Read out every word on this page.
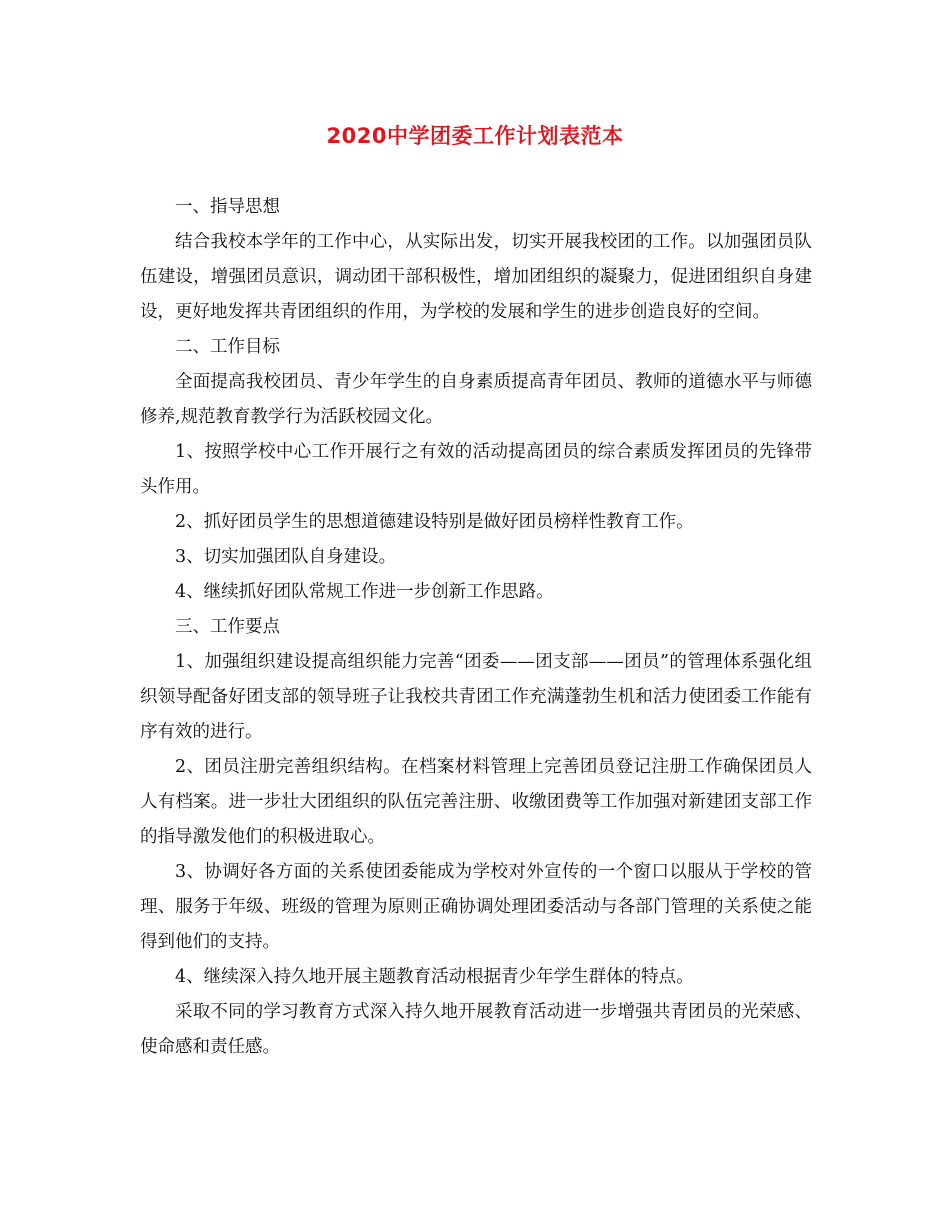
2020中学团委工作计划表范本

一、指导思想

结合我校本学年的工作中心，从实际出发，切实开展我校团的工作。以加强团员队伍建设，增强团员意识，调动团干部积极性，增加团组织的凝聚力，促进团组织自身建设，更好地发挥共青团组织的作用，为学校的发展和学生的进步创造良好的空间。

二、工作目标

全面提高我校团员、青少年学生的自身素质提高青年团员、教师的道德水平与师德修养,规范教育教学行为活跃校园文化。

1、按照学校中心工作开展行之有效的活动提高团员的综合素质发挥团员的先锋带头作用。

2、抓好团员学生的思想道德建设特别是做好团员榜样性教育工作。

3、切实加强团队自身建设。

4、继续抓好团队常规工作进一步创新工作思路。

三、工作要点

1、加强组织建设提高组织能力完善“团委——团支部——团员”的管理体系强化组织领导配备好团支部的领导班子让我校共青团工作充满蓬勃生机和活力使团委工作能有序有效的进行。

2、团员注册完善组织结构。在档案材料管理上完善团员登记注册工作确保团员人人有档案。进一步壮大团组织的队伍完善注册、收缴团费等工作加强对新建团支部工作的指导激发他们的积极进取心。

3、协调好各方面的关系使团委能成为学校对外宣传的一个窗口以服从于学校的管理、服务于年级、班级的管理为原则正确协调处理团委活动与各部门管理的关系使之能得到他们的支持。

4、继续深入持久地开展主题教育活动根据青少年学生群体的特点。

采取不同的学习教育方式深入持久地开展教育活动进一步增强共青团员的光荣感、使命感和责任感。
